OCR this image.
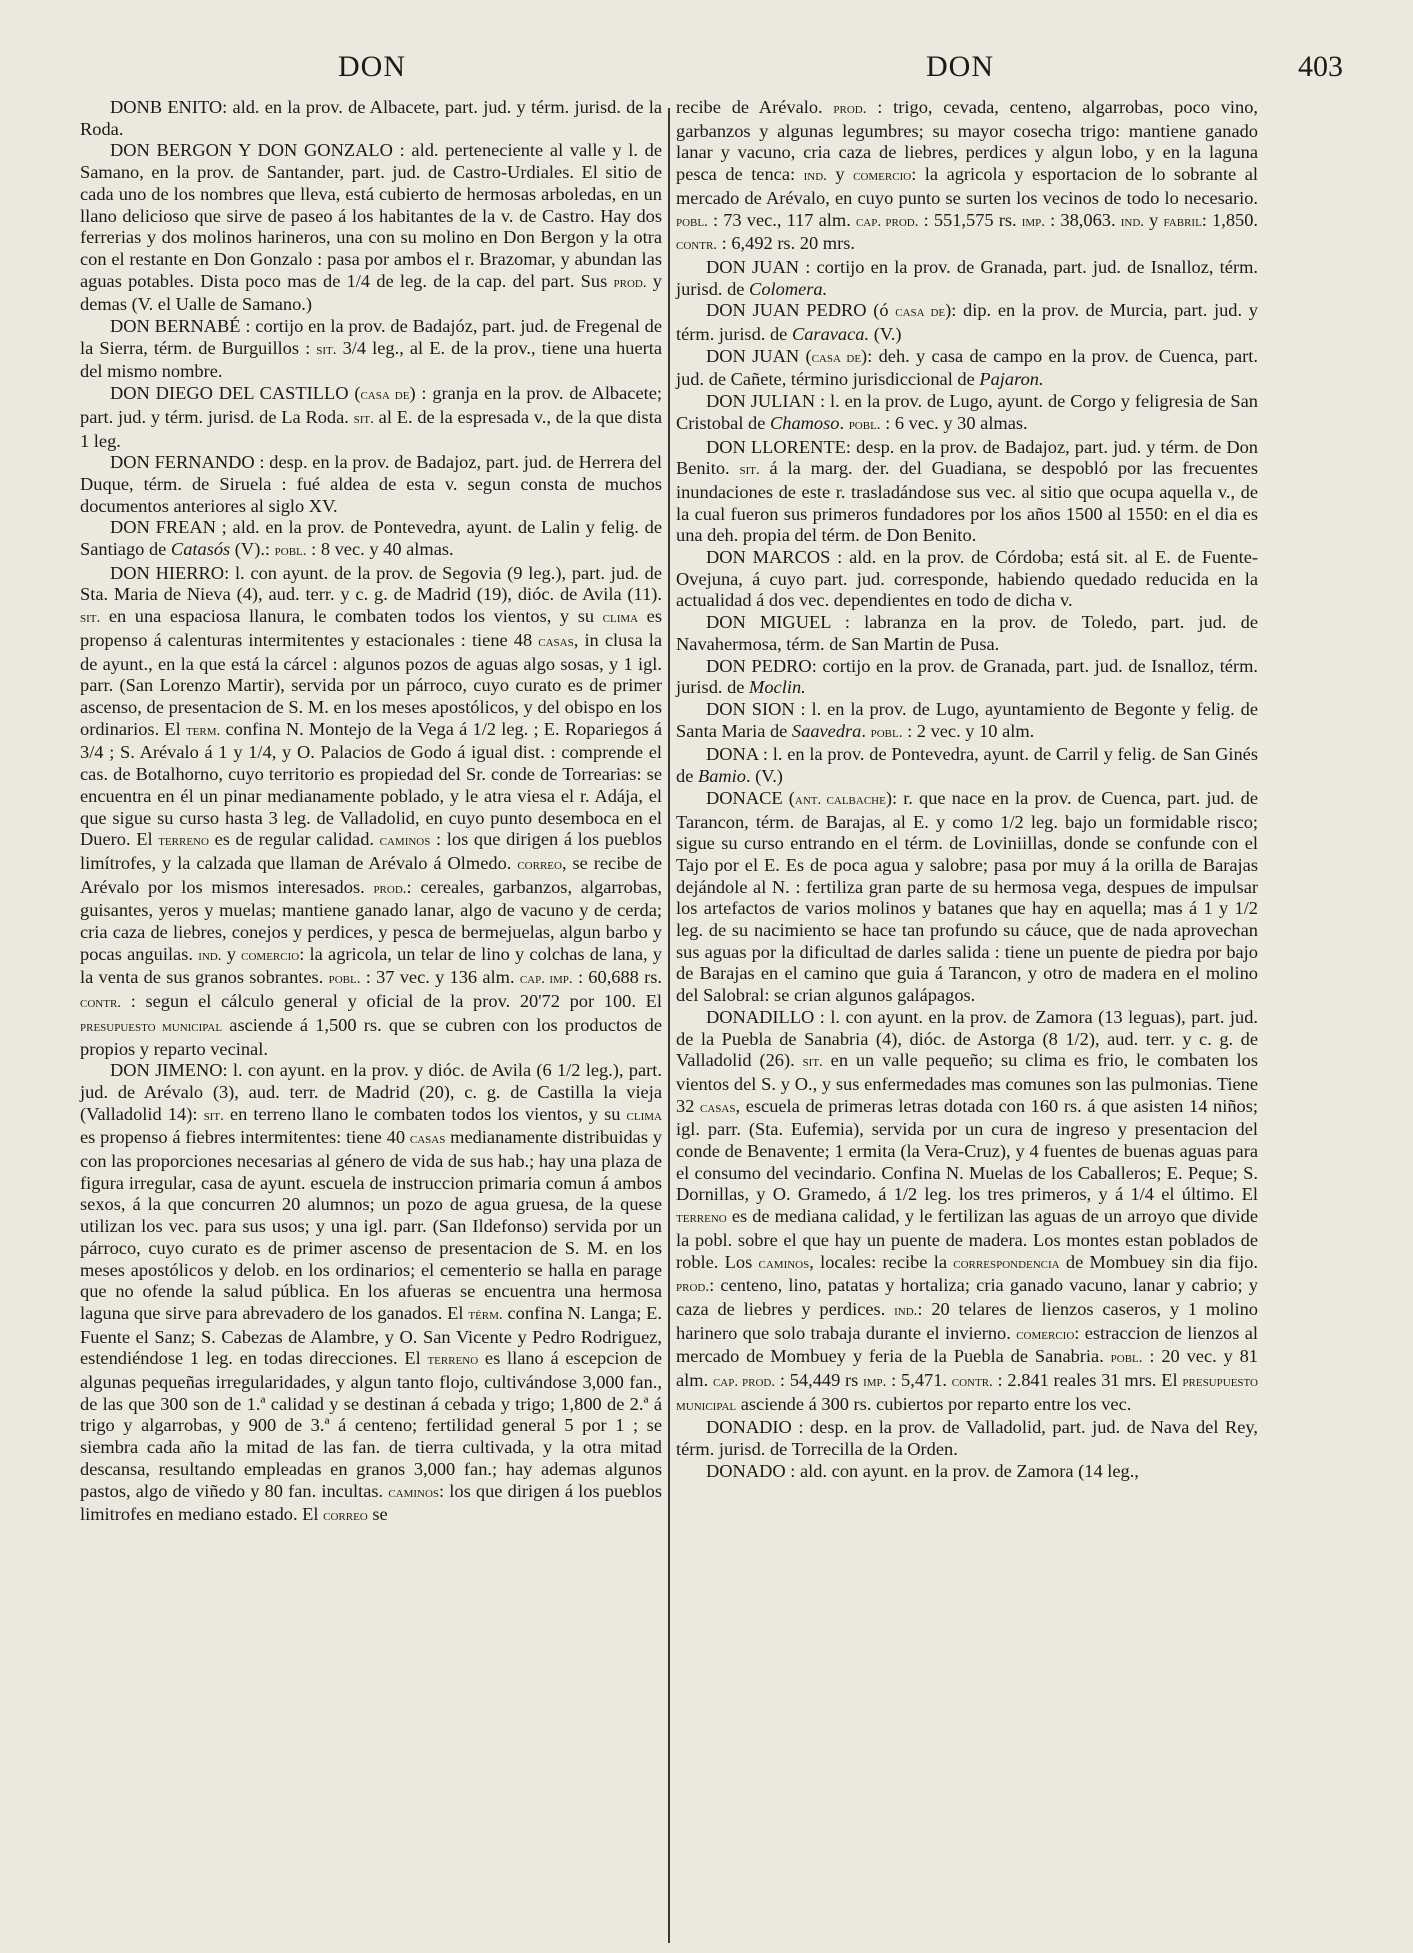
DON	DON	403

DONB ENITO: ald. en la prov. de Albacete, part. jud. y térm. jurisd. de la Roda.

DON BERGON Y DON GONZALO : ald. perteneciente al valle y l. de Samano, en la prov. de Santander, part. jud. de Castro-Urdiales. El sitio de cada uno de los nombres que lleva, está cubierto de hermosas arboledas, en un llano delicioso que sirve de paseo á los habitantes de la v. de Castro. Hay dos ferrerias y dos molinos harineros, una con su molino en Don Bergon y la otra con el restante en Don Gonzalo : pasa por ambos el r. Brazomar, y abundan las aguas potables. Dista poco mas de 1/4 de leg. de la cap. del part. Sus prod. y demas (V. el Ualle de Samano.)

DON BERNABÉ : cortijo en la prov. de Badajóz, part. jud. de Fregenal de la Sierra, térm. de Burguillos : sit. 3/4 leg., al E. de la prov., tiene una huerta del mismo nombre.

DON DIEGO DEL CASTILLO (casa de) : granja en la prov. de Albacete; part. jud. y térm. jurisd. de La Roda. sit. al E. de la espresada v., de la que dista 1 leg.

DON FERNANDO : desp. en la prov. de Badajoz, part. jud. de Herrera del Duque, térm. de Siruela : fué aldea de esta v. segun consta de muchos documentos anteriores al siglo XV.

DON FREAN ; ald. en la prov. de Pontevedra, ayunt. de Lalin y felig. de Santiago de Catasós (V).: pobl. : 8 vec. y 40 almas.

DON HIERRO: l. con ayunt. de la prov. de Segovia (9 leg.), part. jud. de Sta. Maria de Nieva (4), aud. terr. y c. g. de Madrid (19), dióc. de Avila (11). sit. en una espaciosa llanura, le combaten todos los vientos, y su clima es propenso á calenturas intermitentes y estacionales : tiene 48 casas, in clusa la de ayunt., en la que está la cárcel : algunos pozos de aguas algo sosas, y 1 igl. parr. (San Lorenzo Martir), servida por un párroco, cuyo curato es de primer ascenso, de presentacion de S. M. en los meses apostólicos, y del obispo en los ordinarios. El term. confina N. Montejo de la Vega á 1/2 leg. ; E. Ropariegos á 3/4 ; S. Arévalo á 1 y 1/4, y O. Palacios de Godo á igual dist. : comprende el cas. de Botalhorno, cuyo territorio es propiedad del Sr. conde de Torrearias: se encuentra en él un pinar medianamente poblado, y le atra viesa el r. Adája, el que sigue su curso hasta 3 leg. de Valladolid, en cuyo punto desemboca en el Duero. El terreno es de regular calidad. caminos : los que dirigen á los pueblos limítrofes, y la calzada que llaman de Arévalo á Olmedo. correo, se recibe de Arévalo por los mismos interesados. prod.: cereales, garbanzos, algarrobas, guisantes, yeros y muelas; mantiene ganado lanar, algo de vacuno y de cerda; cria caza de liebres, conejos y perdices, y pesca de bermejuelas, algun barbo y pocas anguilas. ind. y comercio: la agricola, un telar de lino y colchas de lana, y la venta de sus granos sobrantes. pobl. : 37 vec. y 136 alm. cap. imp. : 60,688 rs. contr. : segun el cálculo general y oficial de la prov. 20'72 por 100. El presupuesto municipal asciende á 1,500 rs. que se cubren con los productos de propios y reparto vecinal.

DON JIMENO: l. con ayunt. en la prov. y dióc. de Avila (6 1/2 leg.), part. jud. de Arévalo (3), aud. terr. de Madrid (20), c. g. de Castilla la vieja (Valladolid 14): sit. en terreno llano le combaten todos los vientos, y su clima es propenso á fiebres intermitentes: tiene 40 casas medianamente distribuidas y con las proporciones necesarias al género de vida de sus hab.; hay una plaza de figura irregular, casa de ayunt. escuela de instruccion primaria comun á ambos sexos, á la que concurren 20 alumnos; un pozo de agua gruesa, de la quese utilizan los vec. para sus usos; y una igl. parr. (San Ildefonso) servida por un párroco, cuyo curato es de primer ascenso de presentacion de S. M. en los meses apostólicos y delob. en los ordinarios; el cementerio se halla en parage que no ofende la salud pública. En los afueras se encuentra una hermosa laguna que sirve para abrevadero de los ganados. El térm. confina N. Langa; E. Fuente el Sanz; S. Cabezas de Alambre, y O. San Vicente y Pedro Rodriguez, estendiéndose 1 leg. en todas direcciones. El terreno es llano á escepcion de algunas pequeñas irregularidades, y algun tanto flojo, cultivándose 3,000 fan., de las que 300 son de 1.ª calidad y se destinan á cebada y trigo; 1,800 de 2.ª á trigo y algarrobas, y 900 de 3.ª á centeno; fertilidad general 5 por 1 ; se siembra cada año la mitad de las fan. de tierra cultivada, y la otra mitad descansa, resultando empleadas en granos 3,000 fan.; hay ademas algunos pastos, algo de viñedo y 80 fan. incultas. caminos: los que dirigen á los pueblos limitrofes en mediano estado. El correo se

recibe de Arévalo. prod. : trigo, cevada, centeno, algarrobas, poco vino, garbanzos y algunas legumbres; su mayor cosecha trigo: mantiene ganado lanar y vacuno, cria caza de liebres, perdices y algun lobo, y en la laguna pesca de tenca: ind. y comercio: la agricola y esportacion de lo sobrante al mercado de Arévalo, en cuyo punto se surten los vecinos de todo lo necesario. pobl. : 73 vec., 117 alm. cap. prod. : 551,575 rs. imp. : 38,063. ind. y fabril: 1,850. contr. : 6,492 rs. 20 mrs.

DON JUAN : cortijo en la prov. de Granada, part. jud. de Isnalloz, térm. jurisd. de Colomera.

DON JUAN PEDRO (ó casa de): dip. en la prov. de Murcia, part. jud. y térm. jurisd. de Caravaca. (V.)

DON JUAN (casa de): deh. y casa de campo en la prov. de Cuenca, part. jud. de Cañete, término jurisdiccional de Pajaron.

DON JULIAN : l. en la prov. de Lugo, ayunt. de Corgo y feligresia de San Cristobal de Chamoso. pobl. : 6 vec. y 30 almas.

DON LLORENTE: desp. en la prov. de Badajoz, part. jud. y térm. de Don Benito. sit. á la marg. der. del Guadiana, se despobló por las frecuentes inundaciones de este r. trasladándose sus vec. al sitio que ocupa aquella v., de la cual fueron sus primeros fundadores por los años 1500 al 1550: en el dia es una deh. propia del térm. de Don Benito.

DON MARCOS : ald. en la prov. de Córdoba; está sit. al E. de Fuente-Ovejuna, á cuyo part. jud. corresponde, habiendo quedado reducida en la actualidad á dos vec. dependientes en todo de dicha v.

DON MIGUEL : labranza en la prov. de Toledo, part. jud. de Navahermosa, térm. de San Martin de Pusa.

DON PEDRO: cortijo en la prov. de Granada, part. jud. de Isnalloz, térm. jurisd. de Moclin.

DON SION : l. en la prov. de Lugo, ayuntamiento de Begonte y felig. de Santa Maria de Saavedra. pobl. : 2 vec. y 10 alm.

DONA : l. en la prov. de Pontevedra, ayunt. de Carril y felig. de San Ginés de Bamio. (V.)

DONACE (ant. calbache): r. que nace en la prov. de Cuenca, part. jud. de Tarancon, térm. de Barajas, al E. y como 1/2 leg. bajo un formidable risco; sigue su curso entrando en el térm. de Loviniillas, donde se confunde con el Tajo por el E. Es de poca agua y salobre; pasa por muy á la orilla de Barajas dejándole al N. : fertiliza gran parte de su hermosa vega, despues de impulsar los artefactos de varios molinos y batanes que hay en aquella; mas á 1 y 1/2 leg. de su nacimiento se hace tan profundo su cáuce, que de nada aprovechan sus aguas por la dificultad de darles salida : tiene un puente de piedra por bajo de Barajas en el camino que guia á Tarancon, y otro de madera en el molino del Salobral: se crian algunos galápagos.

DONADILLO : l. con ayunt. en la prov. de Zamora (13 leguas), part. jud. de la Puebla de Sanabria (4), dióc. de Astorga (8 1/2), aud. terr. y c. g. de Valladolid (26). sit. en un valle pequeño; su clima es frio, le combaten los vientos del S. y O., y sus enfermedades mas comunes son las pulmonias. Tiene 32 casas, escuela de primeras letras dotada con 160 rs. á que asisten 14 niños; igl. parr. (Sta. Eufemia), servida por un cura de ingreso y presentacion del conde de Benavente; 1 ermita (la Vera-Cruz), y 4 fuentes de buenas aguas para el consumo del vecindario. Confina N. Muelas de los Caballeros; E. Peque; S. Dornillas, y O. Gramedo, á 1/2 leg. los tres primeros, y á 1/4 el último. El terreno es de mediana calidad, y le fertilizan las aguas de un arroyo que divide la pobl. sobre el que hay un puente de madera. Los montes estan poblados de roble. Los caminos, locales: recibe la correspondencia de Mombuey sin dia fijo. prod.: centeno, lino, patatas y hortaliza; cria ganado vacuno, lanar y cabrio; y caza de liebres y perdices. ind.: 20 telares de lienzos caseros, y 1 molino harinero que solo trabaja durante el invierno. comercio: estraccion de lienzos al mercado de Mombuey y feria de la Puebla de Sanabria. pobl. : 20 vec. y 81 alm. cap. prod. : 54,449 rs imp. : 5,471. contr. : 2.841 reales 31 mrs. El presupuesto municipal asciende á 300 rs. cubiertos por reparto entre los vec.

DONADIO : desp. en la prov. de Valladolid, part. jud. de Nava del Rey, térm. jurisd. de Torrecilla de la Orden.

DONADO : ald. con ayunt. en la prov. de Zamora (14 leg.,
